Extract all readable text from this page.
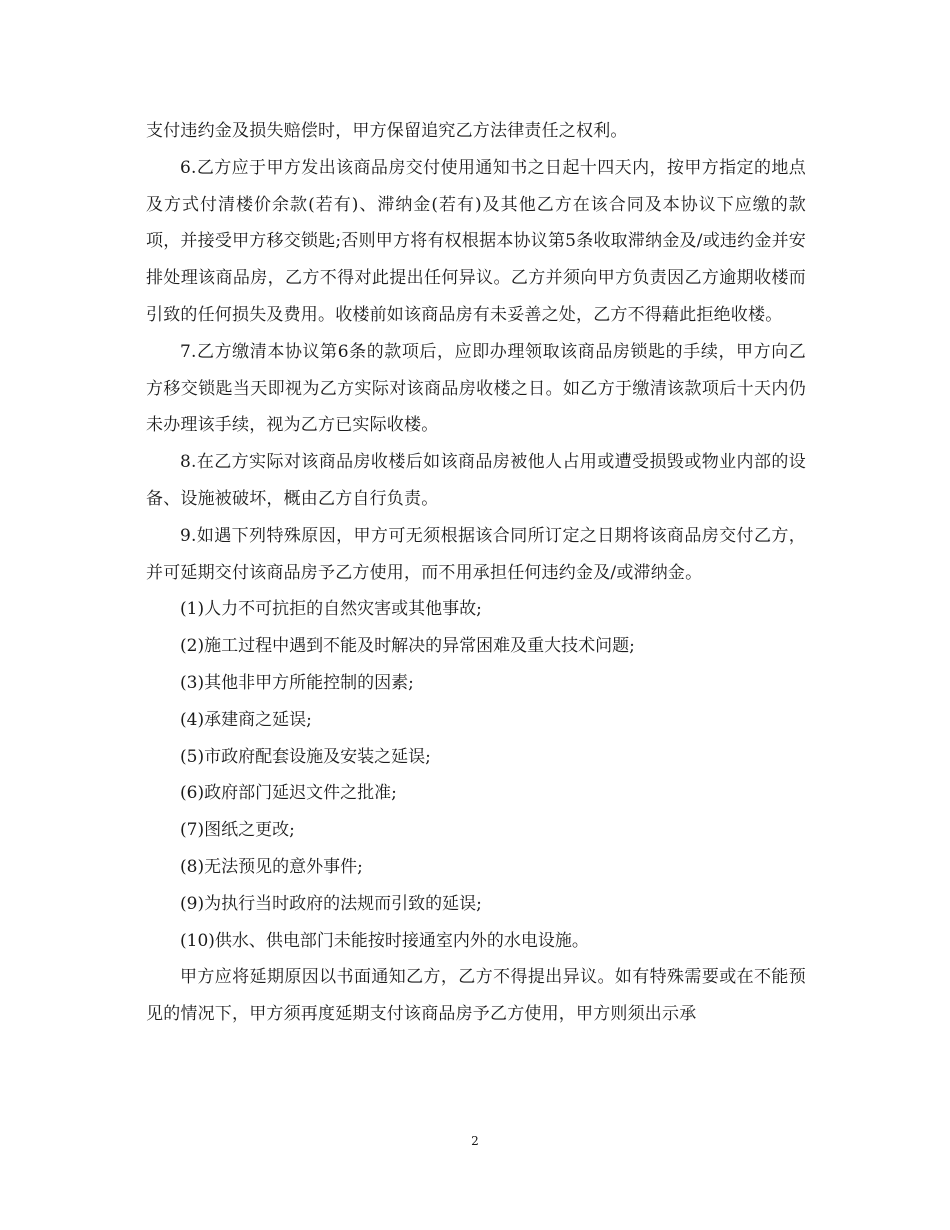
支付违约金及损失赔偿时，甲方保留追究乙方法律责任之权利。

6.乙方应于甲方发出该商品房交付使用通知书之日起十四天内，按甲方指定的地点及方式付清楼价余款(若有)、滞纳金(若有)及其他乙方在该合同及本协议下应缴的款项，并接受甲方移交锁匙;否则甲方将有权根据本协议第5条收取滞纳金及/或违约金并安排处理该商品房，乙方不得对此提出任何异议。乙方并须向甲方负责因乙方逾期收楼而引致的任何损失及费用。收楼前如该商品房有未妥善之处，乙方不得藉此拒绝收楼。

7.乙方缴清本协议第6条的款项后，应即办理领取该商品房锁匙的手续，甲方向乙方移交锁匙当天即视为乙方实际对该商品房收楼之日。如乙方于缴清该款项后十天内仍未办理该手续，视为乙方已实际收楼。

8.在乙方实际对该商品房收楼后如该商品房被他人占用或遭受损毁或物业内部的设备、设施被破坏，概由乙方自行负责。

9.如遇下列特殊原因，甲方可无须根据该合同所订定之日期将该商品房交付乙方，并可延期交付该商品房予乙方使用，而不用承担任何违约金及/或滞纳金。

(1)人力不可抗拒的自然灾害或其他事故;

(2)施工过程中遇到不能及时解决的异常困难及重大技术问题;

(3)其他非甲方所能控制的因素;

(4)承建商之延误;

(5)市政府配套设施及安装之延误;

(6)政府部门延迟文件之批准;

(7)图纸之更改;

(8)无法预见的意外事件;

(9)为执行当时政府的法规而引致的延误;

(10)供水、供电部门未能按时接通室内外的水电设施。

甲方应将延期原因以书面通知乙方，乙方不得提出异议。如有特殊需要或在不能预见的情况下，甲方须再度延期支付该商品房予乙方使用，甲方则须出示承

2
